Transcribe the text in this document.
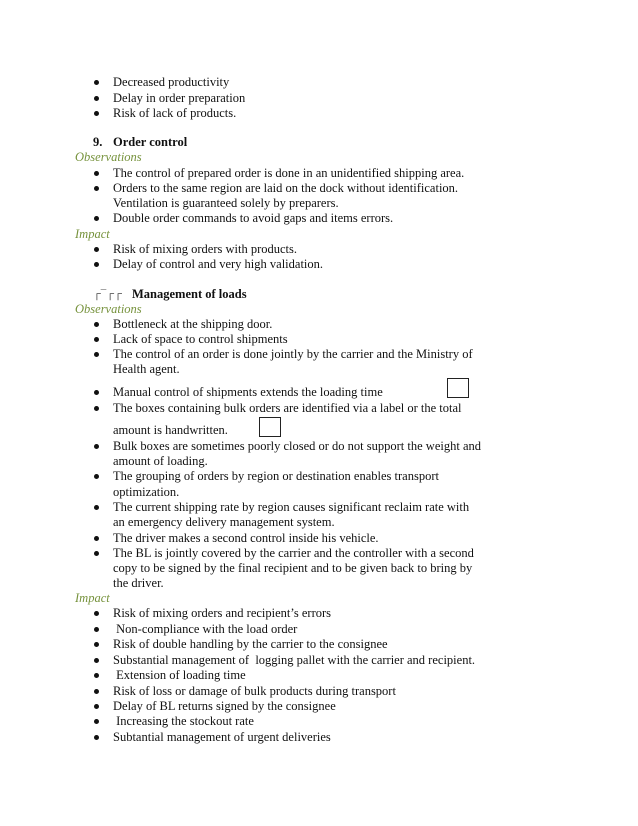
Decreased productivity
Delay in order preparation
Risk of lack of products.
9. Order control
Observations
The control of prepared order is done in an unidentified shipping area.
Orders to the same region are laid on the dock without identification.
Ventilation is guaranteed solely by preparers.
Double order commands to avoid gaps and items errors.
Impact
Risk of mixing orders with products.
Delay of control and very high validation.
┌¯┌┌ Management of loads
Observations
Bottleneck at the shipping door.
Lack of space to control shipments
The control of an order is done jointly by the carrier and the Ministry of
Health agent.
Manual control of shipments extends the loading time
The boxes containing bulk orders are identified via a label or the total
amount is handwritten.
Bulk boxes are sometimes poorly closed or do not support the weight and
amount of loading.
The grouping of orders by region or destination enables transport
optimization.
The current shipping rate by region causes significant reclaim rate with
an emergency delivery management system.
The driver makes a second control inside his vehicle.
The BL is jointly covered by the carrier and the controller with a second
copy to be signed by the final recipient and to be given back to bring by
the driver.
Impact
Risk of mixing orders and recipient’s errors
Non-compliance with the load order
Risk of double handling by the carrier to the consignee
Substantial management of  logging pallet with the carrier and recipient.
Extension of loading time
Risk of loss or damage of bulk products during transport
Delay of BL returns signed by the consignee
Increasing the stockout rate
Subtantial management of urgent deliveries
